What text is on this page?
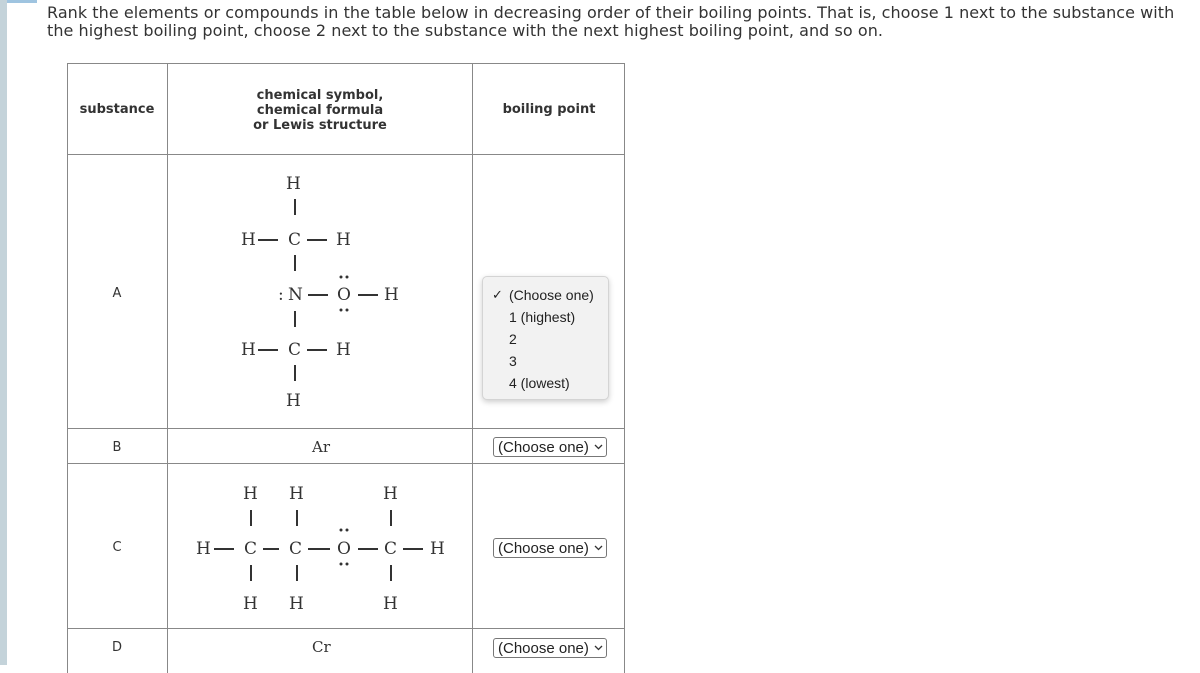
Rank the elements or compounds in the table below in decreasing order of their boiling points. That is, choose 1 next to the substance with the highest boiling point, choose 2 next to the substance with the next highest boiling point, and so on.

substance
chemical symbol,
chemical formula
or Lewis structure
boiling point
A
B
C
D
H
H C H
: N O H
H C H
H
Ar
H H	H
H C C O C H
H H	H
Cr
✓ (Choose one)
1 (highest)
2
3
4 (lowest)
(Choose one)
(Choose one)
(Choose one)
